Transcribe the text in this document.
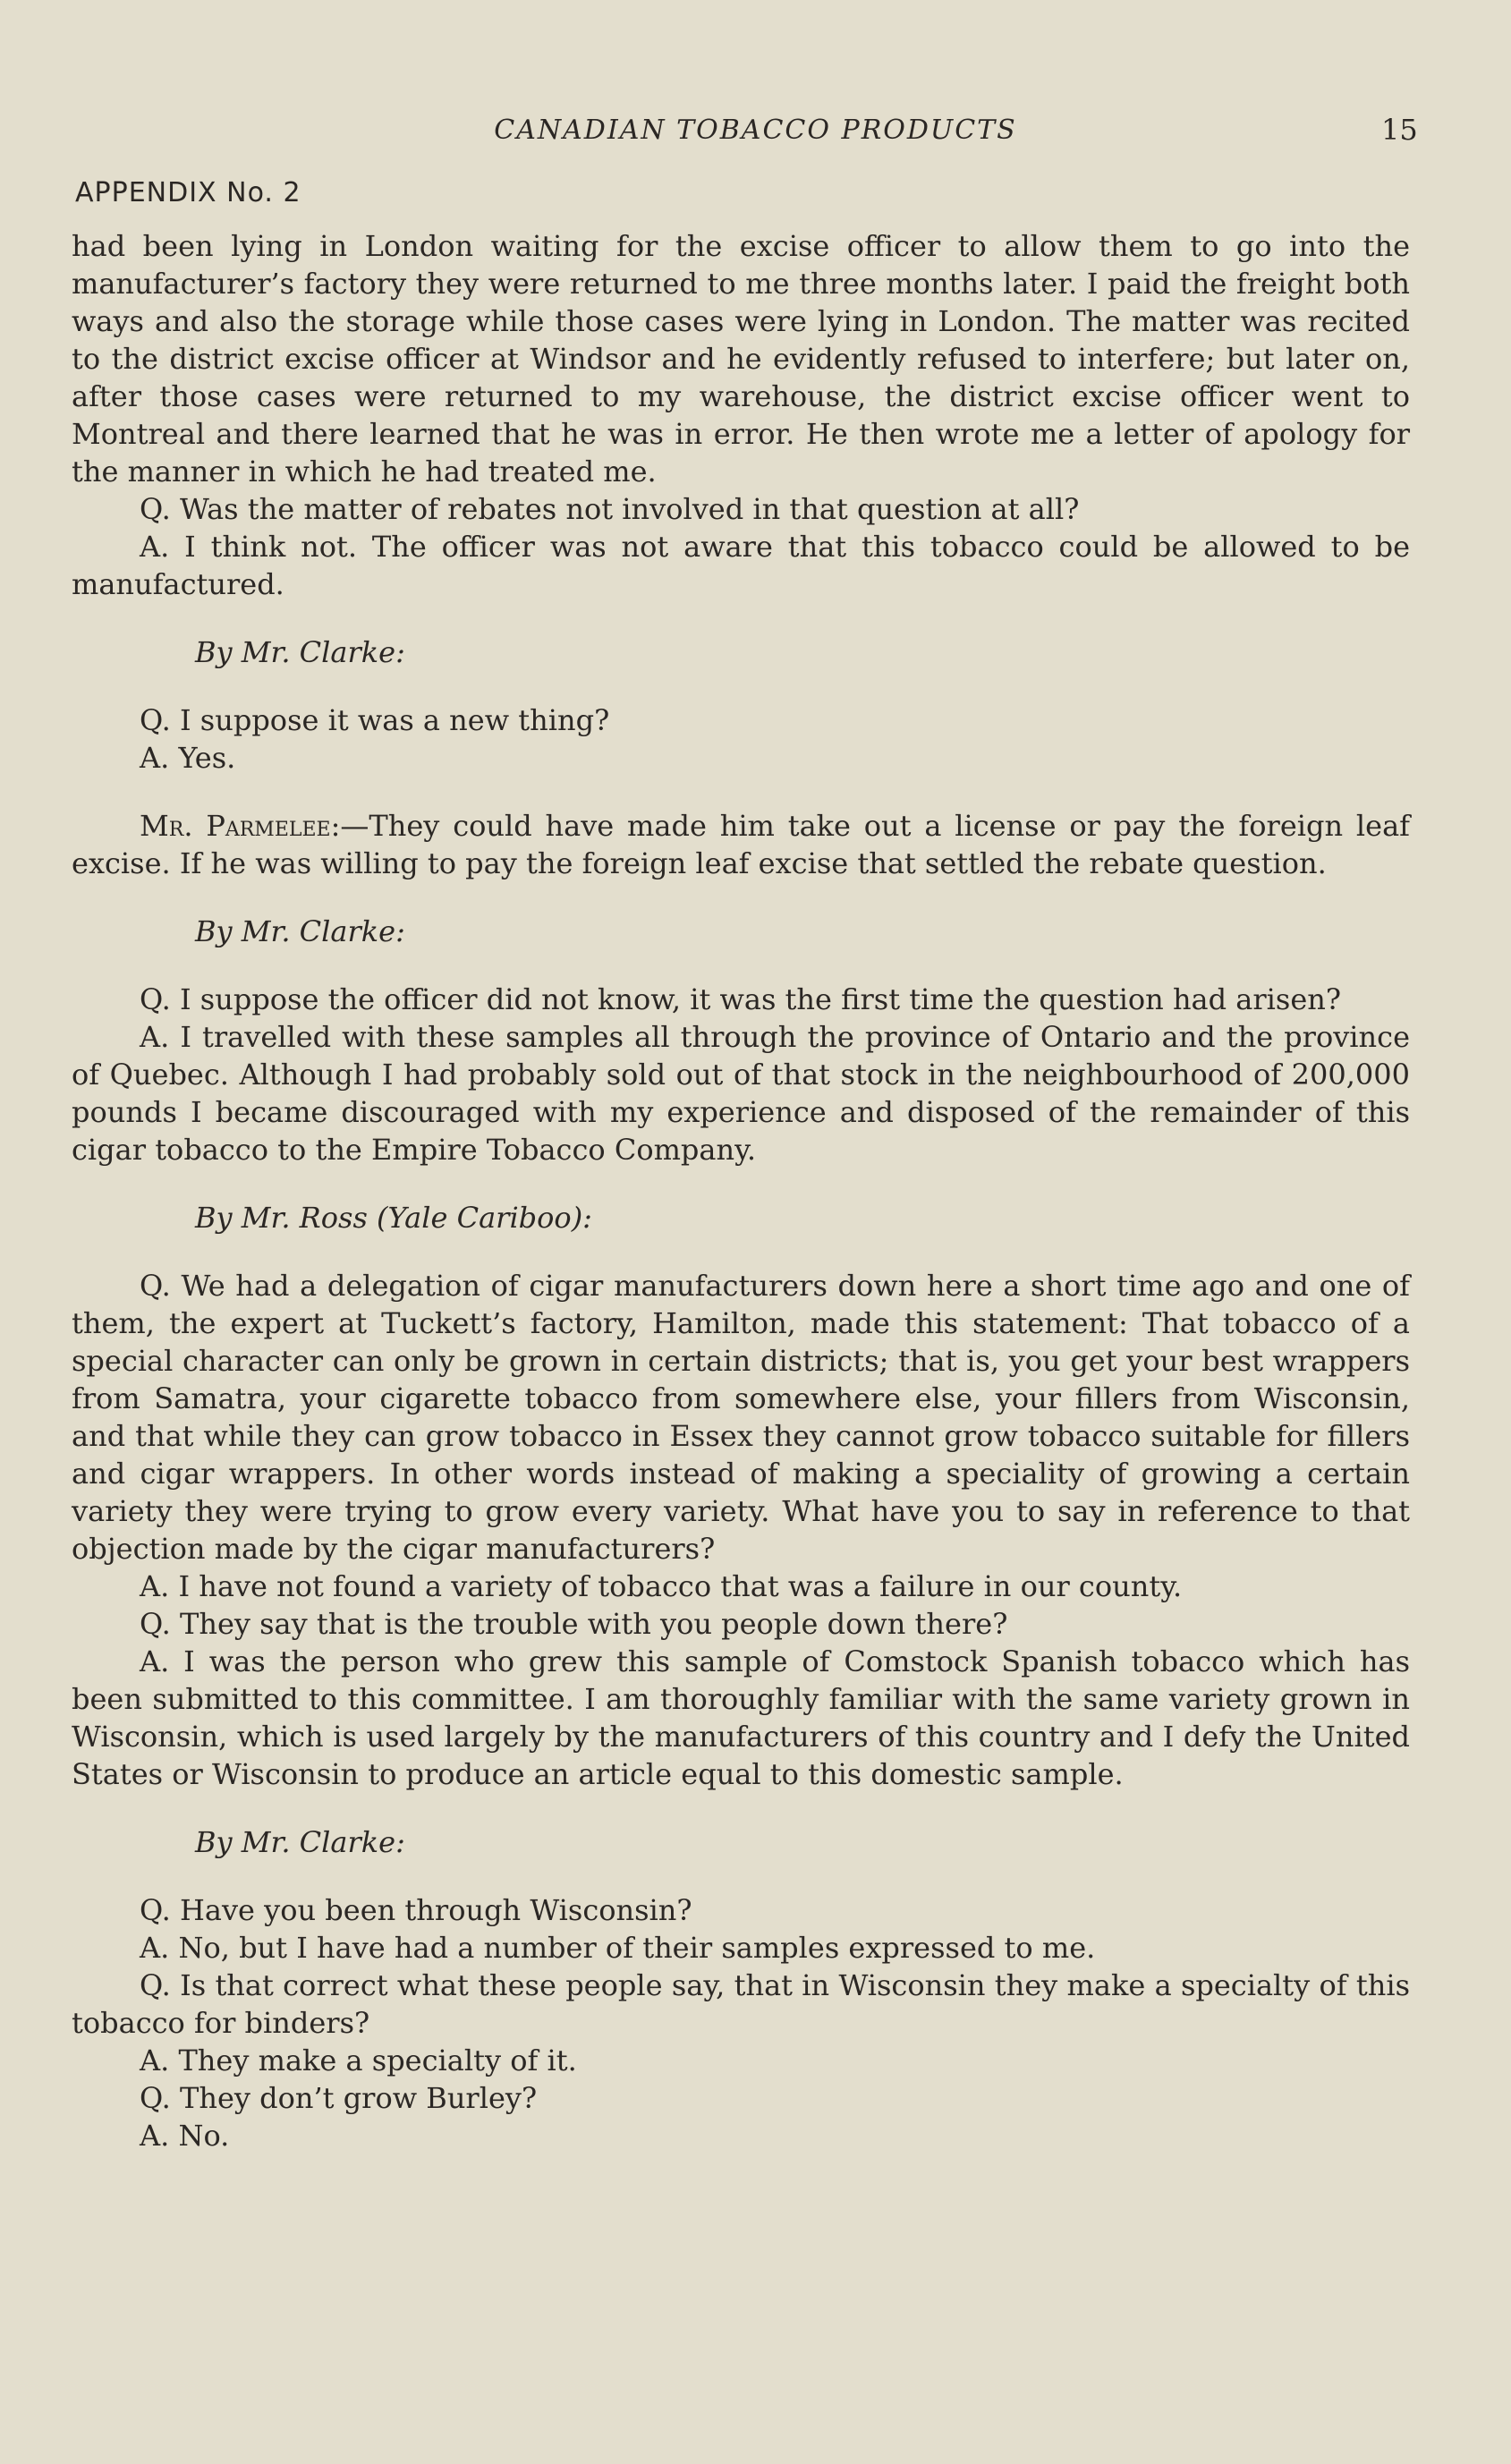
CANADIAN TOBACCO PRODUCTS	15
APPENDIX No. 2

had been lying in London waiting for the excise officer to allow them to go into the manufacturer’s factory they were returned to me three months later. I paid the freight both ways and also the storage while those cases were lying in London. The matter was recited to the district excise officer at Windsor and he evidently refused to interfere; but later on, after those cases were returned to my warehouse, the district excise officer went to Montreal and there learned that he was in error. He then wrote me a letter of apology for the manner in which he had treated me.

Q. Was the matter of rebates not involved in that question at all?

A. I think not. The officer was not aware that this tobacco could be allowed to be manufactured.

By Mr. Clarke:

Q. I suppose it was a new thing?

A. Yes.

Mr. Parmelee:—They could have made him take out a license or pay the foreign leaf excise. If he was willing to pay the foreign leaf excise that settled the rebate question.

By Mr. Clarke:

Q. I suppose the officer did not know, it was the first time the question had arisen?

A. I travelled with these samples all through the province of Ontario and the province of Quebec. Although I had probably sold out of that stock in the neighbourhood of 200,000 pounds I became discouraged with my experience and disposed of the remainder of this cigar tobacco to the Empire Tobacco Company.

By Mr. Ross (Yale Cariboo):

Q. We had a delegation of cigar manufacturers down here a short time ago and one of them, the expert at Tuckett’s factory, Hamilton, made this statement: That tobacco of a special character can only be grown in certain districts; that is, you get your best wrappers from Samatra, your cigarette tobacco from somewhere else, your fillers from Wisconsin, and that while they can grow tobacco in Essex they cannot grow tobacco suitable for fillers and cigar wrappers. In other words instead of making a speciality of growing a certain variety they were trying to grow every variety. What have you to say in reference to that objection made by the cigar manufacturers?

A. I have not found a variety of tobacco that was a failure in our county.

Q. They say that is the trouble with you people down there?

A. I was the person who grew this sample of Comstock Spanish tobacco which has been submitted to this committee. I am thoroughly familiar with the same variety grown in Wisconsin, which is used largely by the manufacturers of this country and I defy the United States or Wisconsin to produce an article equal to this domestic sample.

By Mr. Clarke:

Q. Have you been through Wisconsin?

A. No, but I have had a number of their samples expressed to me.

Q. Is that correct what these people say, that in Wisconsin they make a specialty of this tobacco for binders?

A. They make a specialty of it.

Q. They don’t grow Burley?

A. No.
